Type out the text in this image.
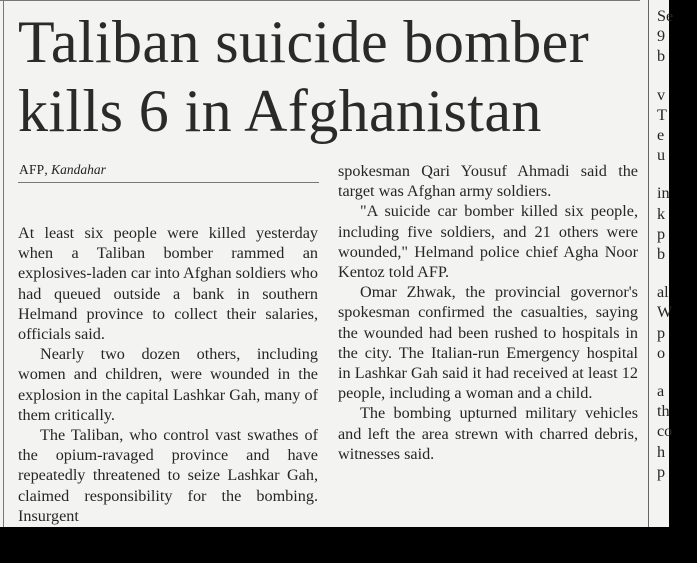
Taliban suicide bomber kills 6 in Afghanistan
AFP, Kandahar

At least six people were killed yesterday when a Taliban bomber rammed an explosives-laden car into Afghan soldiers who had queued outside a bank in southern Helmand province to collect their salaries, officials said.

Nearly two dozen others, including women and children, were wounded in the explosion in the capital Lashkar Gah, many of them critically.

The Taliban, who control vast swathes of the opium-ravaged province and have repeatedly threatened to seize Lashkar Gah, claimed responsibility for the bombing. Insurgent

spokesman Qari Yousuf Ahmadi said the target was Afghan army soldiers.

"A suicide car bomber killed six people, including five soldiers, and 21 others were wounded," Helmand police chief Agha Noor Kentoz told AFP.

Omar Zhwak, the provincial governor's spokesman confirmed the casualties, saying the wounded had been rushed to hospitals in the city. The Italian-run Emergency hospital in Lashkar Gah said it had received at least 12 people, including a woman and a child.

The bombing upturned military vehicles and left the area strewn with charred debris, witnesses said.

Se
9
b
v
T
e
u
in
k
p
b
al
W
p
o
a
th
co
h
p
